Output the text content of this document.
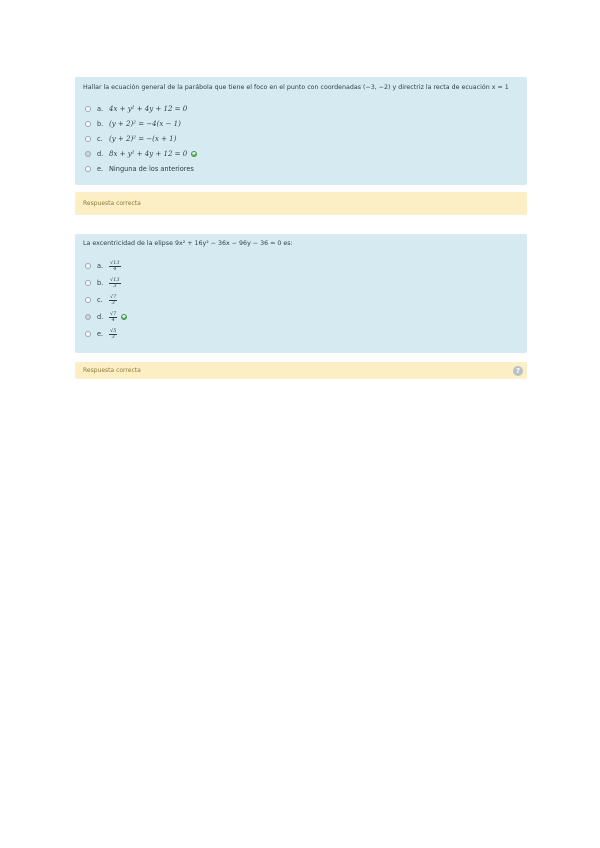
Hallar la ecuación general de la parábola que tiene el foco en el punto con coordenadas (−3, −2) y directriz la recta de ecuación x = 1
a. 4x + y² + 4y + 12 = 0
b. (y + 2)² = −4(x − 1)
c. (y + 2)² = −(x + 1)
d. 8x + y² + 4y + 12 = 0
e. Ninguna de los anteriores
Respuesta correcta
La excentricidad de la elipse 9x² + 16y² − 36x − 96y − 36 = 0 es:
a.	$\frac{√13}{4}$
b.	$\frac{√13}{3}$
c.	$\frac{√7}{3}$
d.	$\frac{√7}{4}$
e.	$\frac{√5}{3}$
Respuesta correcta	?
